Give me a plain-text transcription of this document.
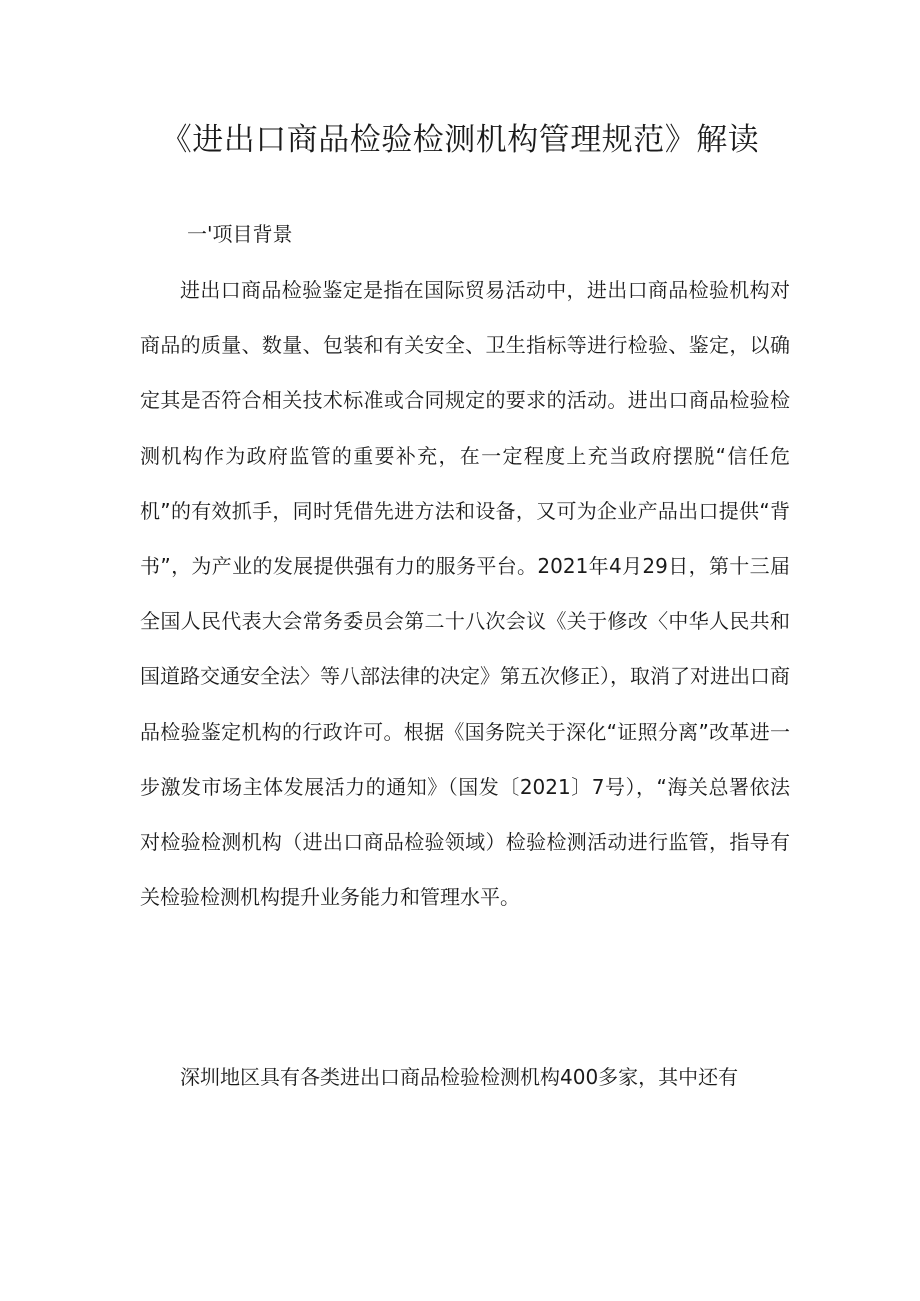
《进出口商品检验检测机构管理规范》解读
一'项目背景

进出口商品检验鉴定是指在国际贸易活动中，进出口商品检验机构对商品的质量、数量、包装和有关安全、卫生指标等进行检验、鉴定，以确定其是否符合相关技术标准或合同规定的要求的活动。进出口商品检验检测机构作为政府监管的重要补充，在一定程度上充当政府摆脱“信任危机”的有效抓手，同时凭借先进方法和设备，又可为企业产品出口提供“背书”，为产业的发展提供强有力的服务平台。2021年4月29日，第十三届全国人民代表大会常务委员会第二十八次会议《关于修改〈中华人民共和国道路交通安全法〉等八部法律的决定》第五次修正），取消了对进出口商品检验鉴定机构的行政许可。根据《国务院关于深化“证照分离”改革进一步激发市场主体发展活力的通知》（国发〔2021〕7号），“海关总署依法对检验检测机构（进出口商品检验领域）检验检测活动进行监管，指导有关检验检测机构提升业务能力和管理水平。

深圳地区具有各类进出口商品检验检测机构400多家，其中还有
